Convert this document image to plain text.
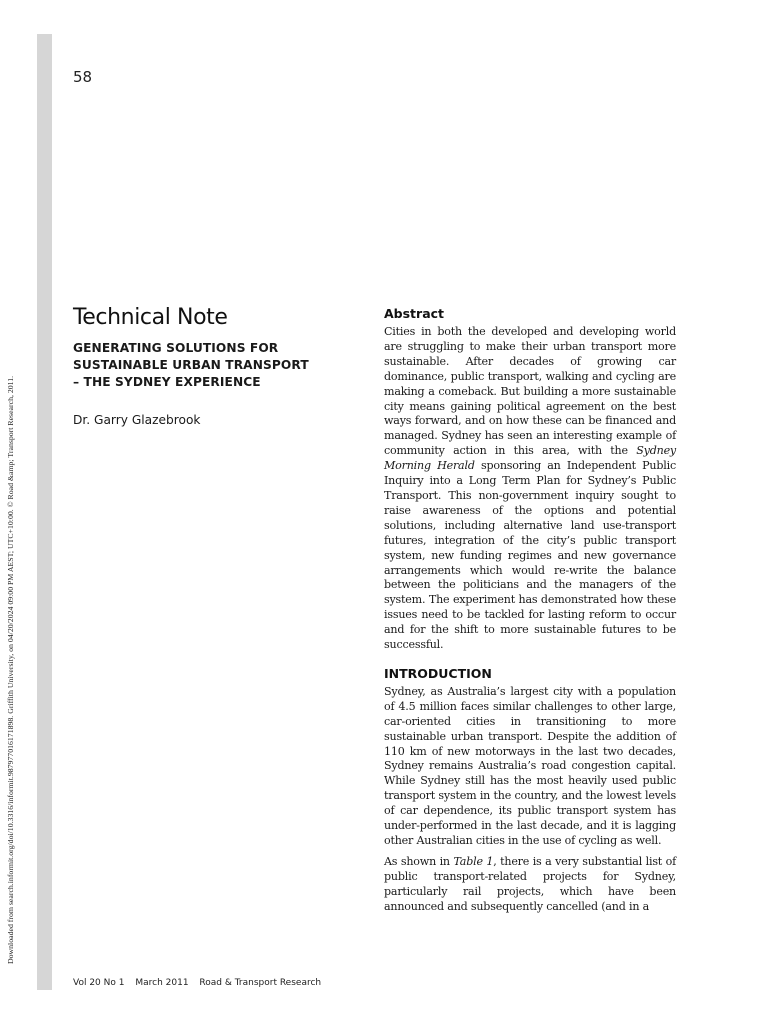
Downloaded from search.informit.org/doi/10.3316/informit.987977016171898. Griffith University, on 04/20/2024 09:00 PM AEST; UTC+10:00. © Road &amp; Transport Research, 2011.
58
Technical Note

GENERATING SOLUTIONS FOR
SUSTAINABLE URBAN TRANSPORT
– THE SYDNEY EXPERIENCE

Dr. Garry Glazebrook
Abstract

Cities in both the developed and developing world are struggling to make their urban transport more sustainable. After decades of growing car dominance, public transport, walking and cycling are making a comeback. But building a more sustainable city means gaining political agreement on the best ways forward, and on how these can be financed and managed. Sydney has seen an interesting example of community action in this area, with the Sydney Morning Herald sponsoring an Independent Public Inquiry into a Long Term Plan for Sydney’s Public Transport. This non-government inquiry sought to raise awareness of the options and potential solutions, including alternative land use-transport futures, integration of the city’s public transport system, new funding regimes and new governance arrangements which would re-write the balance between the politicians and the managers of the system. The experiment has demonstrated how these issues need to be tackled for lasting reform to occur and for the shift to more sustainable futures to be successful.

INTRODUCTION

Sydney, as Australia’s largest city with a population of 4.5 million faces similar challenges to other large, car-oriented cities in transitioning to more sustainable urban transport. Despite the addition of 110 km of new motorways in the last two decades, Sydney remains Australia’s road congestion capital. While Sydney still has the most heavily used public transport system in the country, and the lowest levels of car dependence, its public transport system has under-performed in the last decade, and it is lagging other Australian cities in the use of cycling as well.

As shown in Table 1, there is a very substantial list of public transport-related projects for Sydney, particularly rail projects, which have been announced and subsequently cancelled (and in a

Vol 20 No 1 March 2011 Road & Transport Research
